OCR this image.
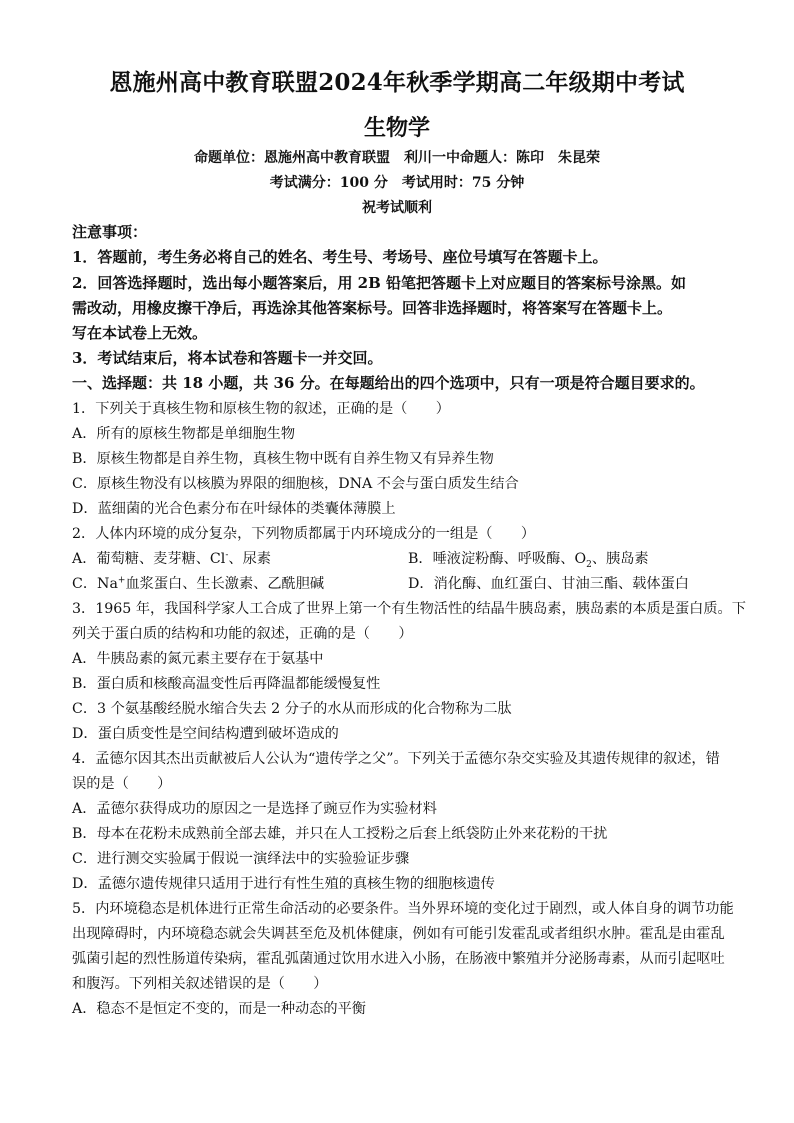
恩施州高中教育联盟2024年秋季学期高二年级期中考试
生物学
命题单位：恩施州高中教育联盟　利川一中命题人：陈印　朱昆荣
考试满分：100 分　考试用时：75 分钟
祝考试顺利
注意事项：
1．答题前，考生务必将自己的姓名、考生号、考场号、座位号填写在答题卡上。
2．回答选择题时，选出每小题答案后，用 2B 铅笔把答题卡上对应题目的答案标号涂黑。如
需改动，用橡皮擦干净后，再选涂其他答案标号。回答非选择题时，将答案写在答题卡上。
写在本试卷上无效。
3．考试结束后，将本试卷和答题卡一并交回。
一、选择题：共 18 小题，共 36 分。在每题给出的四个选项中，只有一项是符合题目要求的。
1．下列关于真核生物和原核生物的叙述，正确的是（　　）
A．所有的原核生物都是单细胞生物
B．原核生物都是自养生物，真核生物中既有自养生物又有异养生物
C．原核生物没有以核膜为界限的细胞核，DNA 不会与蛋白质发生结合
D．蓝细菌的光合色素分布在叶绿体的类囊体薄膜上
2．人体内环境的成分复杂，下列物质都属于内环境成分的一组是（　　）
A．葡萄糖、麦芽糖、Cl-、尿素	B．唾液淀粉酶、呼吸酶、$O_2$、胰岛素
C．Na+血浆蛋白、生长激素、乙酰胆碱	D．消化酶、血红蛋白、甘油三酯、载体蛋白
3．1965 年，我国科学家人工合成了世界上第一个有生物活性的结晶牛胰岛素，胰岛素的本质是蛋白质。下
列关于蛋白质的结构和功能的叙述，正确的是（　　）
A．牛胰岛素的氮元素主要存在于氨基中
B．蛋白质和核酸高温变性后再降温都能缓慢复性
C．3 个氨基酸经脱水缩合失去 2 分子的水从而形成的化合物称为二肽
D．蛋白质变性是空间结构遭到破坏造成的
4．孟德尔因其杰出贡献被后人公认为“遗传学之父”。下列关于孟德尔杂交实验及其遗传规律的叙述，错
误的是（　　）
A．孟德尔获得成功的原因之一是选择了豌豆作为实验材料
B．母本在花粉未成熟前全部去雄，并只在人工授粉之后套上纸袋防止外来花粉的干扰
C．进行测交实验属于假说一演绎法中的实验验证步骤
D．孟德尔遗传规律只适用于进行有性生殖的真核生物的细胞核遗传
5．内环境稳态是机体进行正常生命活动的必要条件。当外界环境的变化过于剧烈，或人体自身的调节功能
出现障碍时，内环境稳态就会失调甚至危及机体健康，例如有可能引发霍乱或者组织水肿。霍乱是由霍乱
弧菌引起的烈性肠道传染病，霍乱弧菌通过饮用水进入小肠，在肠液中繁殖并分泌肠毒素，从而引起呕吐
和腹泻。下列相关叙述错误的是（　　）
A．稳态不是恒定不变的，而是一种动态的平衡
